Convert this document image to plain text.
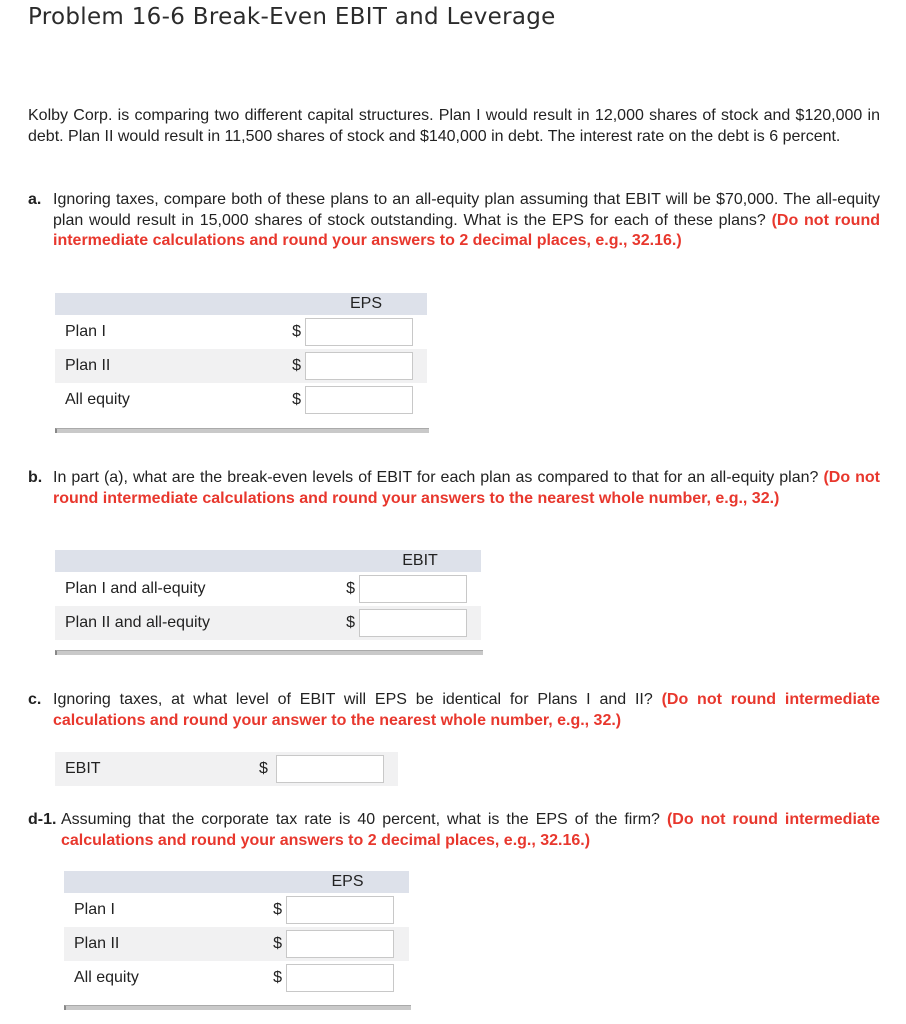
Problem 16-6 Break-Even EBIT and Leverage
Kolby Corp. is comparing two different capital structures. Plan I would result in 12,000 shares of stock and $120,000 in debt. Plan II would result in 11,500 shares of stock and $140,000 in debt. The interest rate on the debt is 6 percent.
a. Ignoring taxes, compare both of these plans to an all-equity plan assuming that EBIT will be $70,000. The all-equity plan would result in 15,000 shares of stock outstanding. What is the EPS for each of these plans? (Do not round intermediate calculations and round your answers to 2 decimal places, e.g., 32.16.)
		EPS
Plan I	$	

Plan II	$	

All equity	$	
b. In part (a), what are the break-even levels of EBIT for each plan as compared to that for an all-equity plan? (Do not round intermediate calculations and round your answers to the nearest whole number, e.g., 32.)
		EBIT
Plan I and all-equity	$	

Plan II and all-equity	$	
c. Ignoring taxes, at what level of EBIT will EPS be identical for Plans I and II? (Do not round intermediate calculations and round your answer to the nearest whole number, e.g., 32.)
EBIT	$
d-1. Assuming that the corporate tax rate is 40 percent, what is the EPS of the firm? (Do not round intermediate calculations and round your answers to 2 decimal places, e.g., 32.16.)
		EPS
Plan I	$	

Plan II	$	

All equity	$	
